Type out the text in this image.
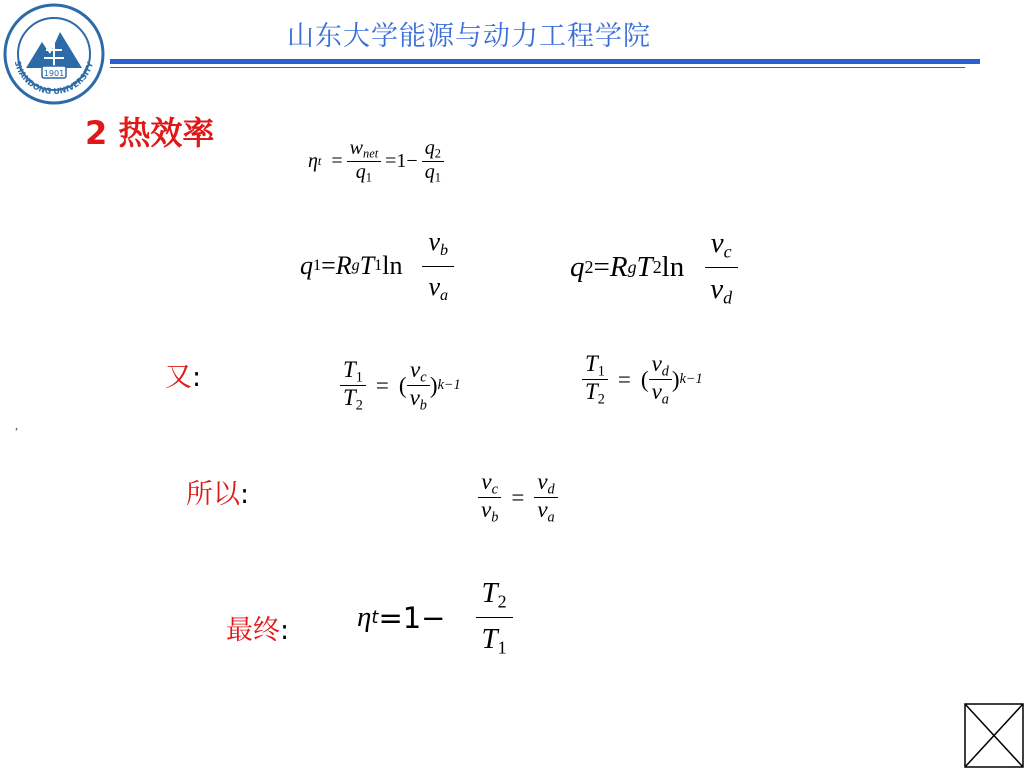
1901
SHANDONG UNIVERSITY
山东大学能源与动力工程学院
2 热效率
η $t = \frac{w_{net}}{q_1} = 1 - \frac{q_2}{q_1}$
q 1 = R g T 1 $\ln \frac{v_b}{v_a}$	q 2 = R g T 2 $\ln \frac{v_c}{v_d}$
又:
,
$\frac{T_1}{T_2}$ = ( $\frac{v_c}{v_b}$ ) k−1	$\frac{T_1}{T_2}$ = ( $\frac{v_d}{v_a}$ ) k−1
所以:	$\frac{v_c}{v_b} = \frac{v_d}{v_a}$
最终: η $t =1- \frac{T_2}{T_1}$
